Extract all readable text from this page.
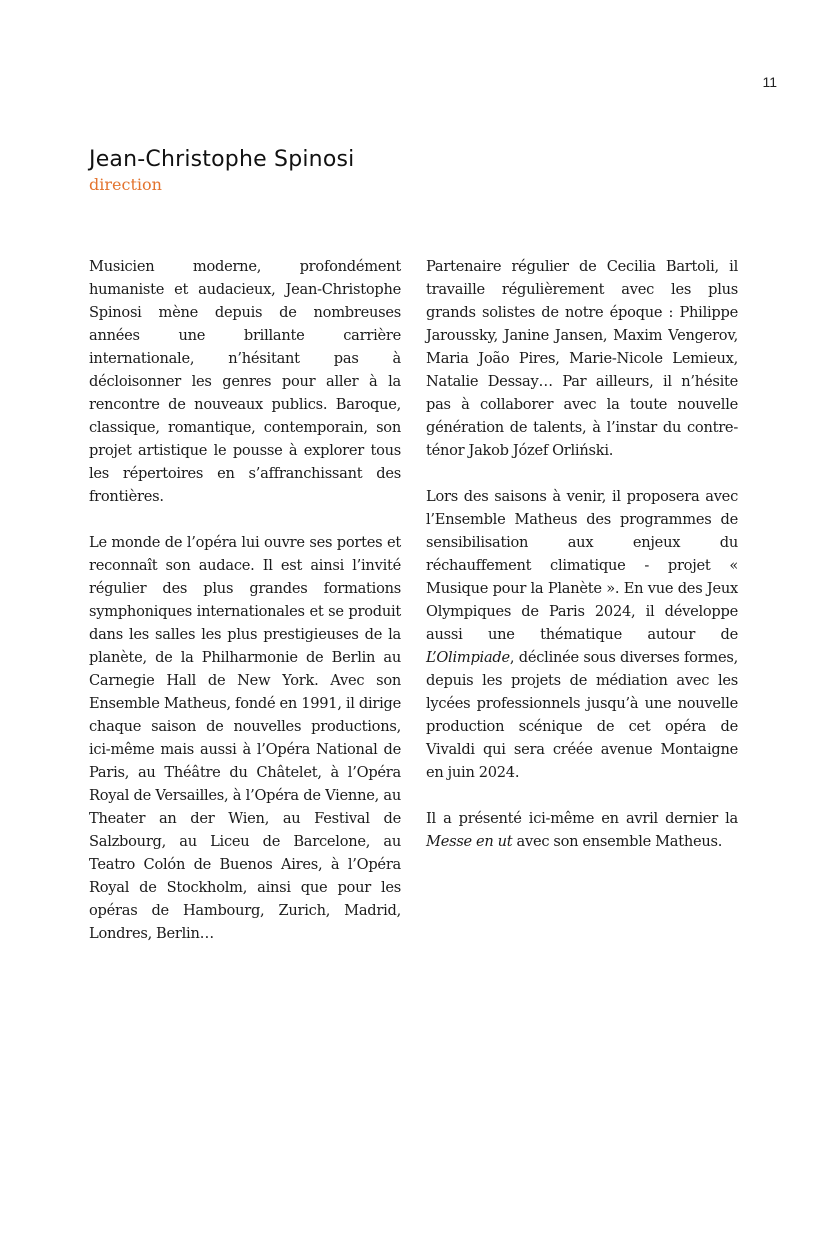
11
Jean-Christophe Spinosi
direction

Musicien moderne, profondément humaniste et audacieux, Jean-Christophe Spinosi mène depuis de nombreuses années une brillante carrière internationale, n’hésitant pas à décloisonner les genres pour aller à la rencontre de nouveaux publics. Baroque, classique, romantique, contemporain, son projet artistique le pousse à explorer tous les répertoires en s’affranchissant des frontières.

Le monde de l’opéra lui ouvre ses portes et reconnaît son audace. Il est ainsi l’invité régulier des plus grandes formations symphoniques internationales et se produit dans les salles les plus prestigieuses de la planète, de la Philharmonie de Berlin au Carnegie Hall de New York. Avec son Ensemble Matheus, fondé en 1991, il dirige chaque saison de nouvelles productions, ici-même mais aussi à l’Opéra National de Paris, au Théâtre du Châtelet, à l’Opéra Royal de Versailles, à l’Opéra de Vienne, au Theater an der Wien, au Festival de Salzbourg, au Liceu de Barcelone, au Teatro Colón de Buenos Aires, à l’Opéra Royal de Stockholm, ainsi que pour les opéras de Hambourg, Zurich, Madrid, Londres, Berlin…

Partenaire régulier de Cecilia Bartoli, il travaille régulièrement avec les plus grands solistes de notre époque : Philippe Jaroussky, Janine Jansen, Maxim Vengerov, Maria João Pires, Marie-Nicole Lemieux, Natalie Dessay… Par ailleurs, il n’hésite pas à collaborer avec la toute nouvelle génération de talents, à l’instar du contre-ténor Jakob Józef Orliński.

Lors des saisons à venir, il proposera avec l’Ensemble Matheus des programmes de sensibilisation aux enjeux du réchauffement climatique - projet « Musique pour la Planète ». En vue des Jeux Olympiques de Paris 2024, il développe aussi une thématique autour de L’Olimpiade, déclinée sous diverses formes, depuis les projets de médiation avec les lycées professionnels jusqu’à une nouvelle production scénique de cet opéra de Vivaldi qui sera créée avenue Montaigne en juin 2024.

Il a présenté ici-même en avril dernier la Messe en ut avec son ensemble Matheus.
